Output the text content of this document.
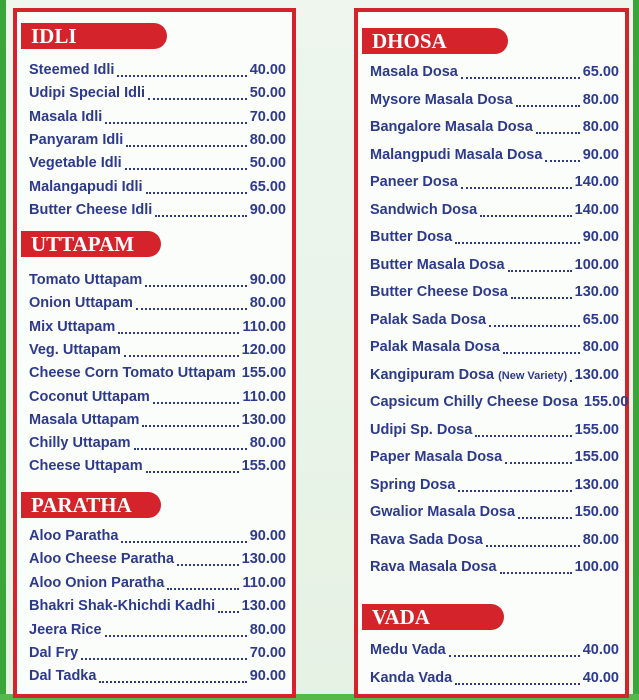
IDLI
UTTAPAM
PARATHA
Steemed Idli	40.00
Udipi Special Idli	50.00
Masala Idli	70.00
Panyaram Idli	80.00
Vegetable Idli	50.00
Malangapudi Idli	65.00
Butter Cheese Idli	90.00
Tomato Uttapam	90.00
Onion Uttapam	80.00
Mix Uttapam	110.00
Veg. Uttapam	120.00
Cheese Corn Tomato Uttapam 155.00
Coconut Uttapam	110.00
Masala Uttapam	130.00
Chilly Uttapam	80.00
Cheese Uttapam	155.00
Aloo Paratha	90.00
Aloo Cheese Paratha	130.00
Aloo Onion Paratha	110.00
Bhakri Shak-Khichdi Kadhi 130.00
Jeera Rice	80.00
Dal Fry	70.00
Dal Tadka	90.00
DHOSA
VADA
Masala Dosa	65.00
Mysore Masala Dosa	80.00
Bangalore Masala Dosa	80.00
Malangpudi Masala Dosa	90.00
Paneer Dosa	140.00
Sandwich Dosa	140.00
Butter Dosa	90.00
Butter Masala Dosa	100.00
Butter Cheese Dosa	130.00
Palak Sada Dosa	65.00
Palak Masala Dosa	80.00
Kangipuram Dosa (New Variety) 130.00
Capsicum Chilly Cheese Dosa 155.00
Udipi Sp. Dosa	155.00
Paper Masala Dosa	155.00
Spring Dosa	130.00
Gwalior Masala Dosa	150.00
Rava Sada Dosa	80.00
Rava Masala Dosa	100.00
Medu Vada	40.00
Kanda Vada	40.00
